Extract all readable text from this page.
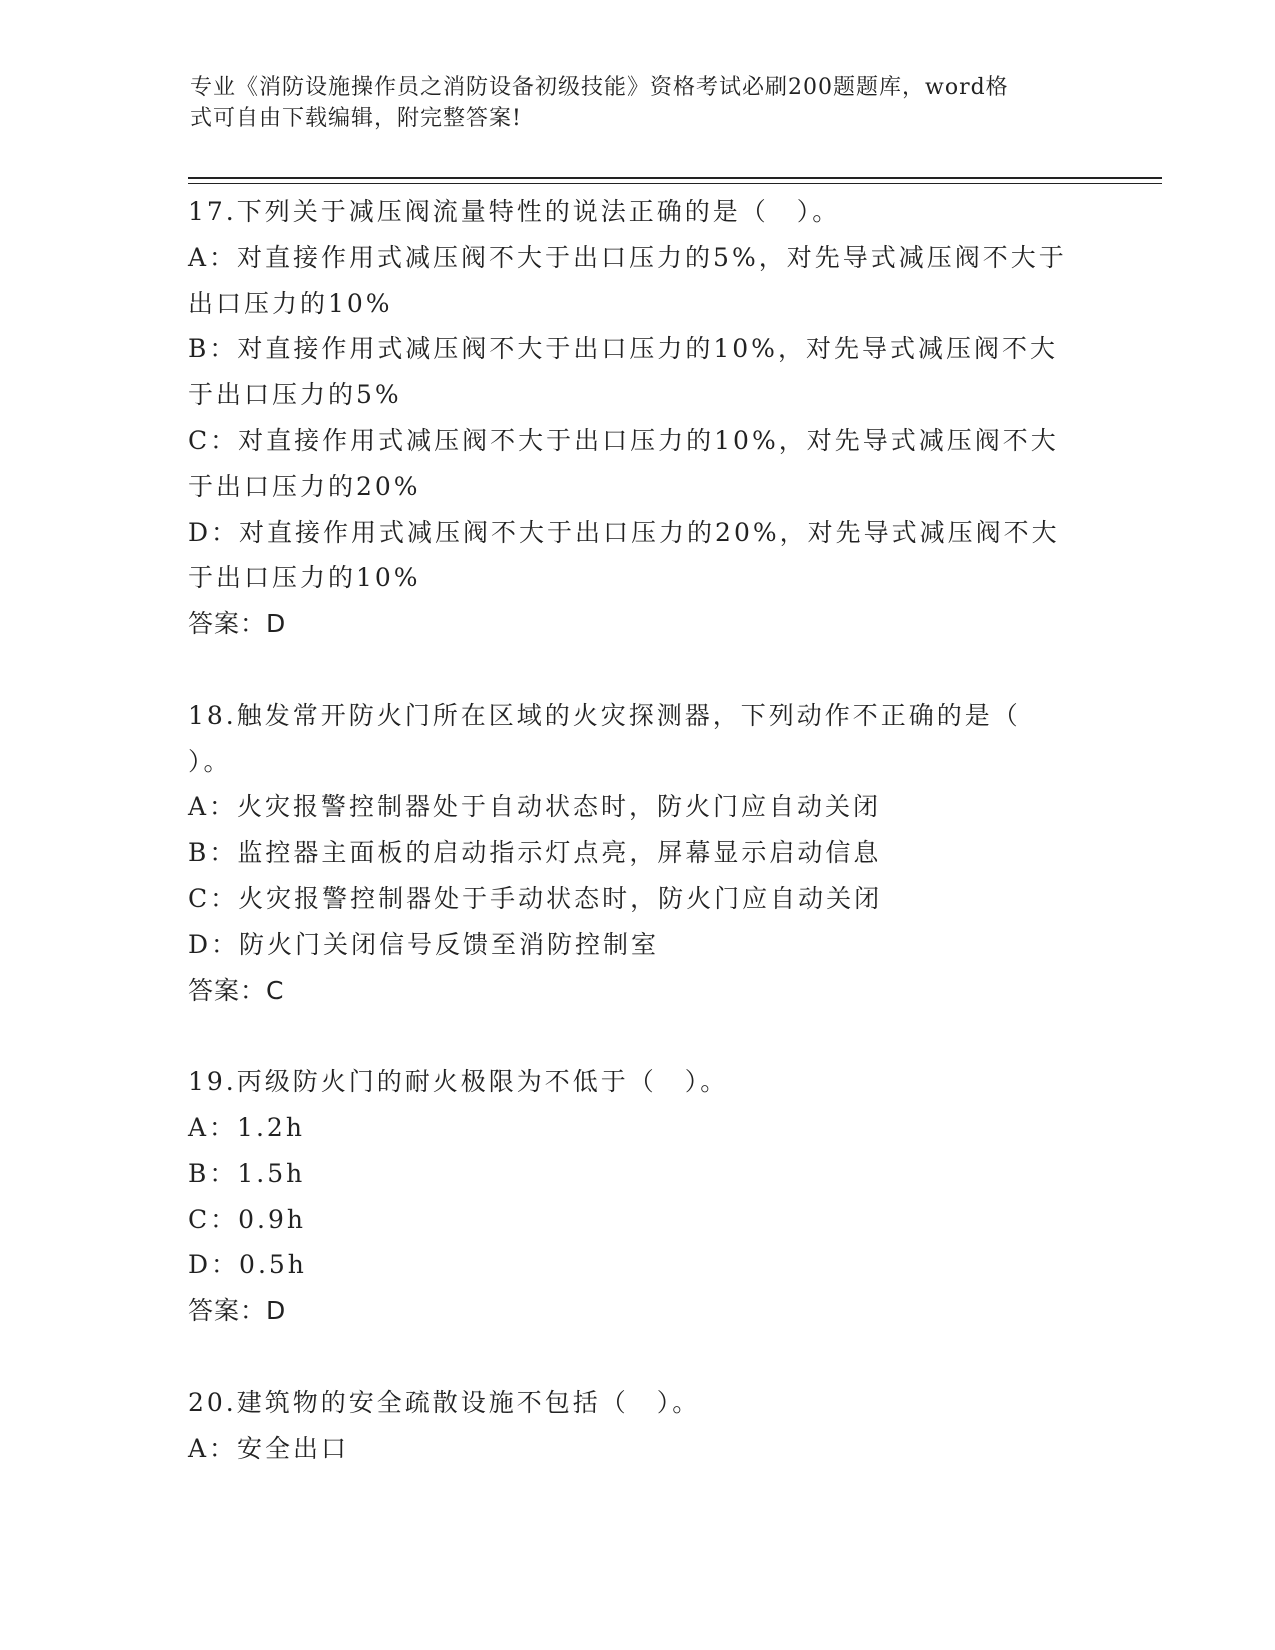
专业《消防设施操作员之消防设备初级技能》资格考试必刷200题题库，word格
式可自由下载编辑，附完整答案!
17.下列关于减压阀流量特性的说法正确的是（　）。
A：对直接作用式减压阀不大于出口压力的5%，对先导式减压阀不大于
出口压力的10%
B：对直接作用式减压阀不大于出口压力的10%，对先导式减压阀不大
于出口压力的5%
C：对直接作用式减压阀不大于出口压力的10%，对先导式减压阀不大
于出口压力的20%
D：对直接作用式减压阀不大于出口压力的20%，对先导式减压阀不大
于出口压力的10%
答案：D
18.触发常开防火门所在区域的火灾探测器，下列动作不正确的是（
）。
A：火灾报警控制器处于自动状态时，防火门应自动关闭
B：监控器主面板的启动指示灯点亮，屏幕显示启动信息
C：火灾报警控制器处于手动状态时，防火门应自动关闭
D：防火门关闭信号反馈至消防控制室
答案：C
19.丙级防火门的耐火极限为不低于（　）。
A：1.2h
B：1.5h
C：0.9h
D：0.5h
答案：D
20.建筑物的安全疏散设施不包括（　）。
A：安全出口
